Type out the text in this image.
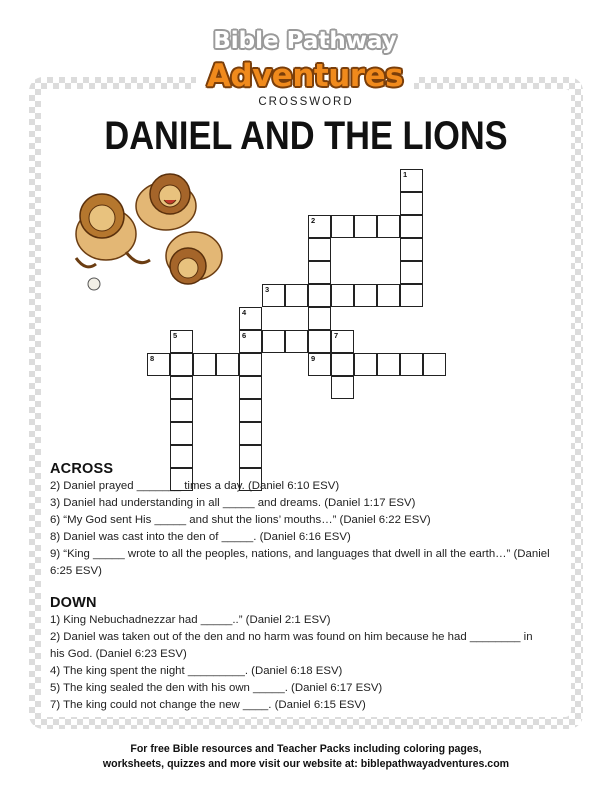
Bible Pathway
Adventures
CROSSWORD
DANIEL AND THE LIONS
1
2
3
4
5	6	7
8	9
ACROSS

2) Daniel prayed _______ times a day. (Daniel 6:10 ESV)

3) Daniel had understanding in all _____ and dreams. (Daniel 1:17 ESV)

6) “My God sent His _____ and shut the lions’ mouths…” (Daniel 6:22 ESV)

8) Daniel was cast into the den of _____. (Daniel 6:16 ESV)

9) “King _____ wrote to all the peoples, nations, and languages that dwell in all the earth…” (Daniel 6:25 ESV)

DOWN

1) King Nebuchadnezzar had _____..” (Daniel 2:1 ESV)

2) Daniel was taken out of the den and no harm was found on him because he had ________ in his God. (Daniel 6:23 ESV)

4) The king spent the night _________. (Daniel 6:18 ESV)

5) The king sealed the den with his own _____. (Daniel 6:17 ESV)

7) The king could not change the new ____. (Daniel 6:15 ESV)

For free Bible resources and Teacher Packs including coloring pages,
worksheets, quizzes and more visit our website at: biblepathwayadventures.com
